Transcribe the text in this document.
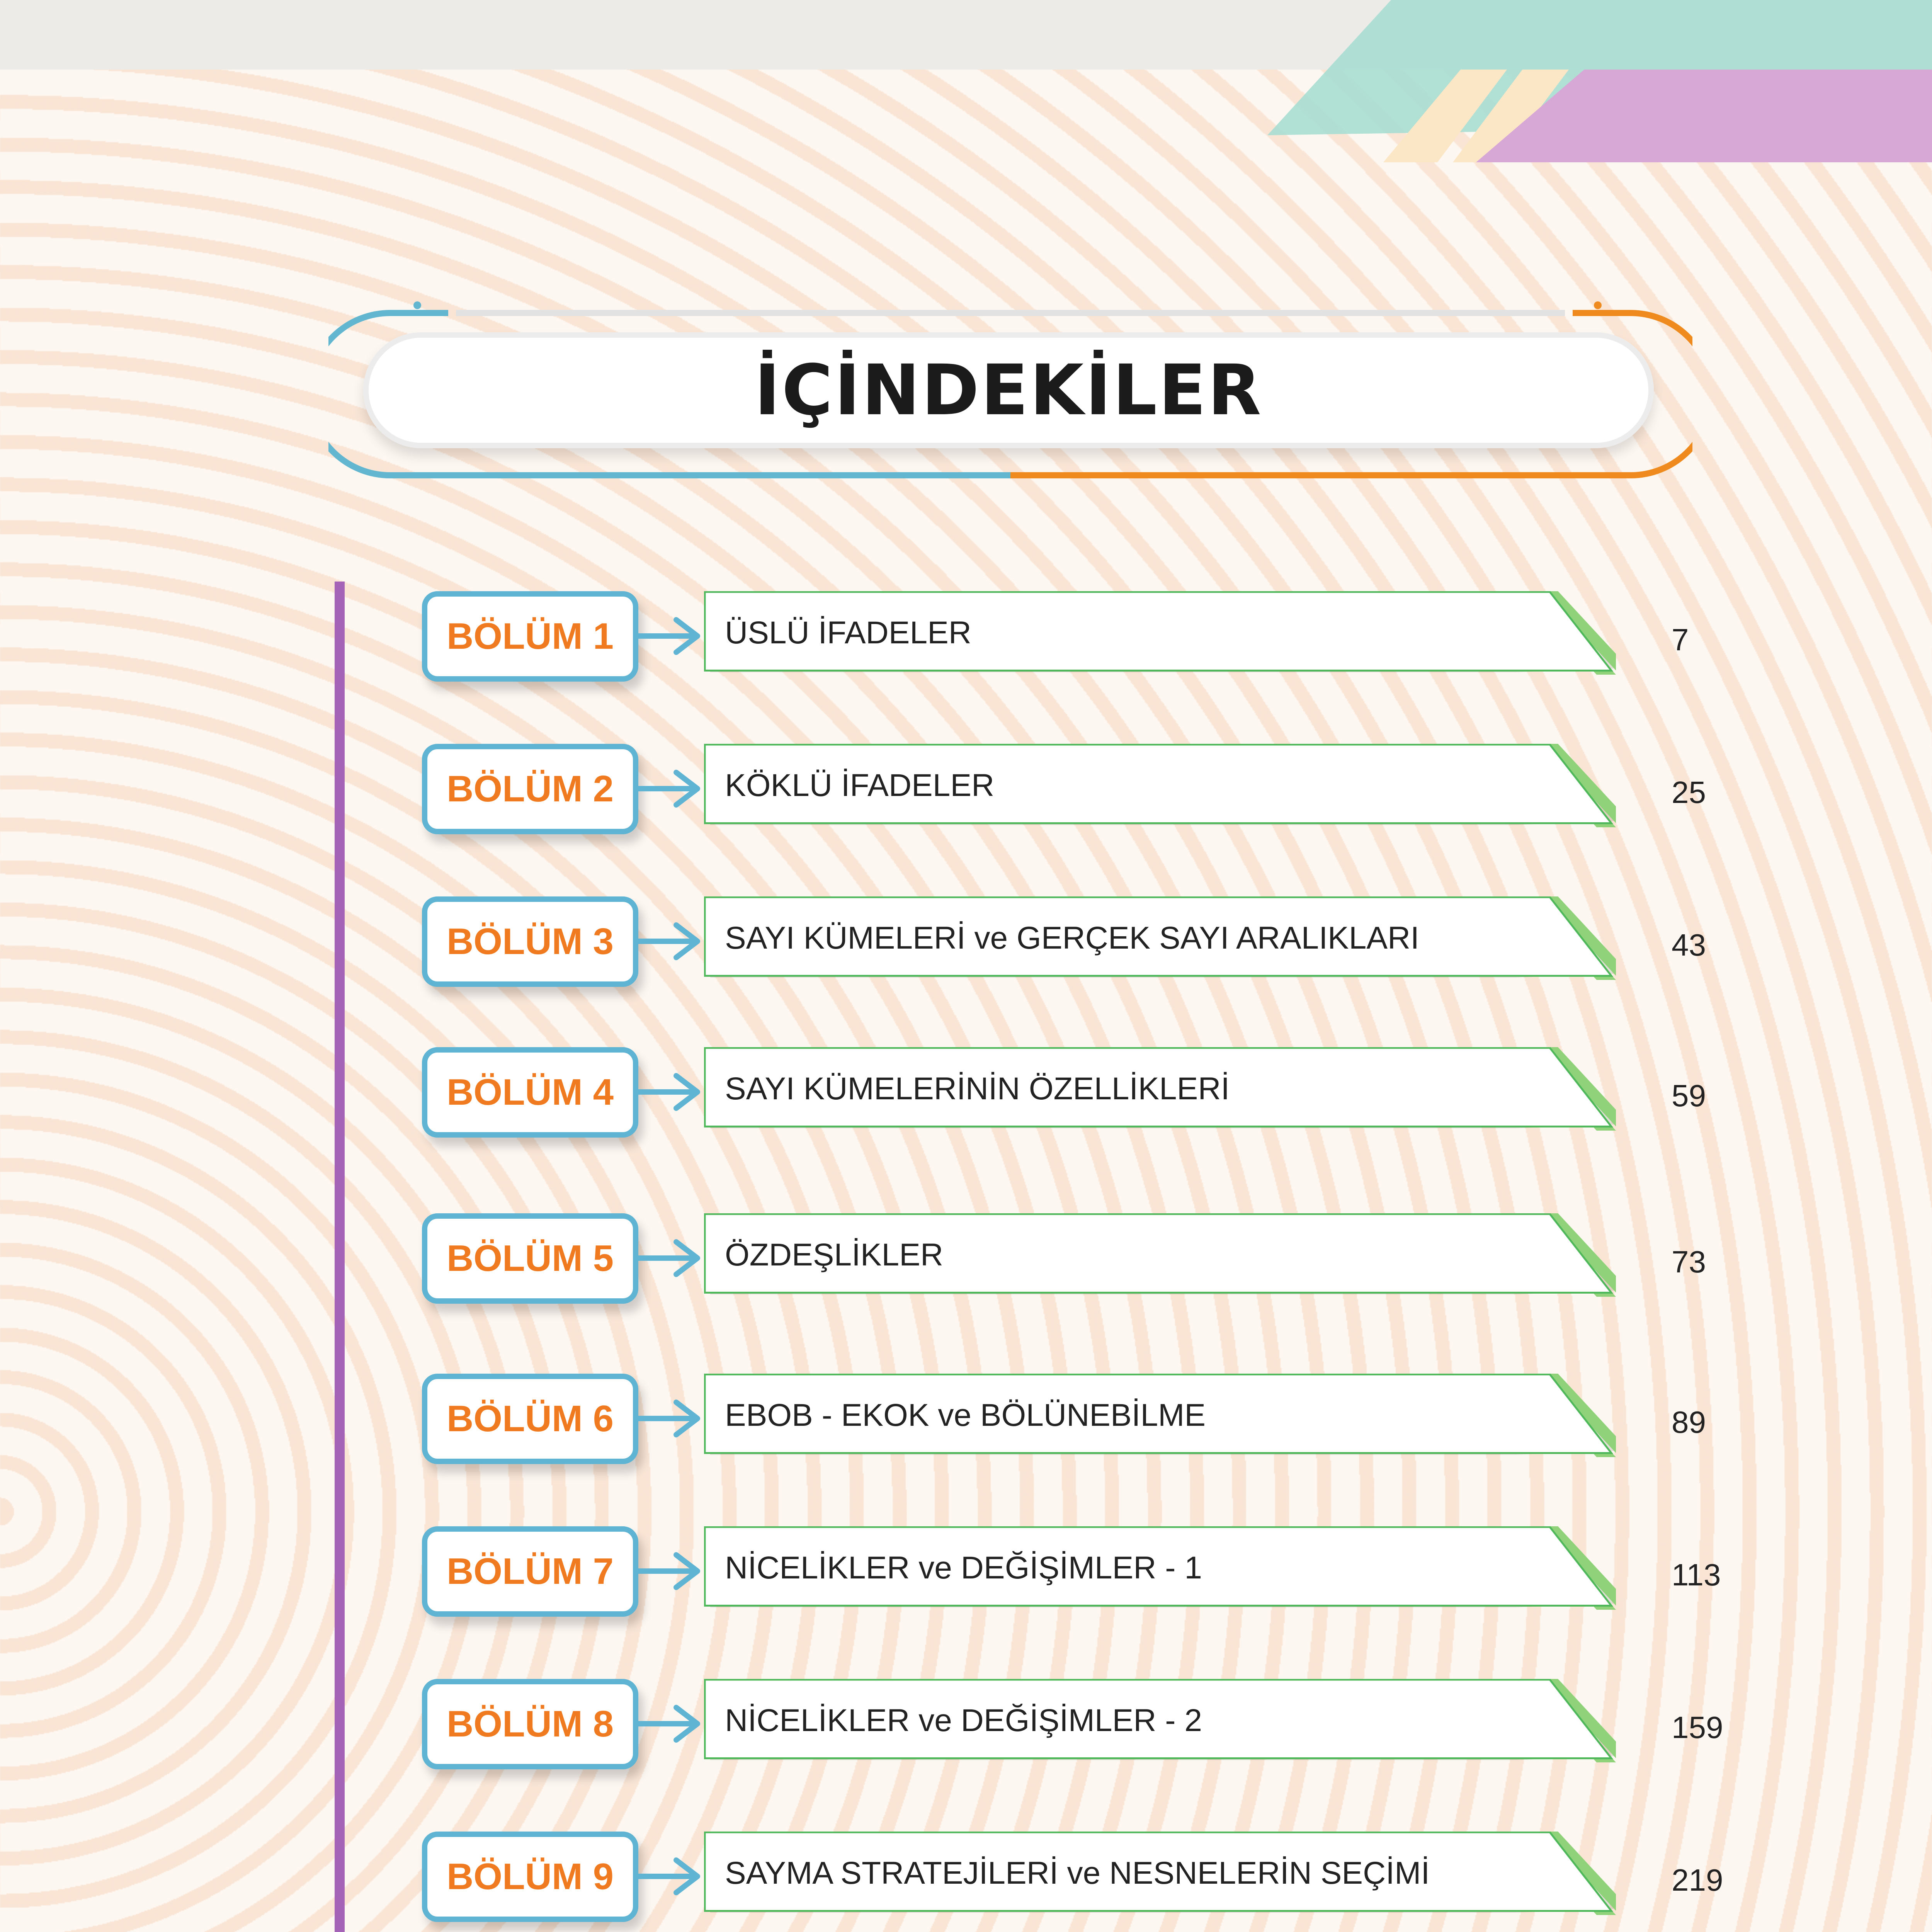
İÇİNDEKİLER
BÖLÜM 1	ÜSLÜ İFADELER	7
BÖLÜM 2	KÖKLÜ İFADELER	25
BÖLÜM 3	SAYI KÜMELERİ ve GERÇEK SAYI ARALIKLARI	43
BÖLÜM 4	SAYI KÜMELERİNİN ÖZELLİKLERİ	59
BÖLÜM 5	ÖZDEŞLİKLER	73
BÖLÜM 6	EBOB - EKOK ve BÖLÜNEBİLME	89
BÖLÜM 7	NİCELİKLER ve DEĞİŞİMLER - 1	113
BÖLÜM 8	NİCELİKLER ve DEĞİŞİMLER - 2	159
BÖLÜM 9	SAYMA STRATEJİLERİ ve NESNELERİN SEÇİMİ	219
